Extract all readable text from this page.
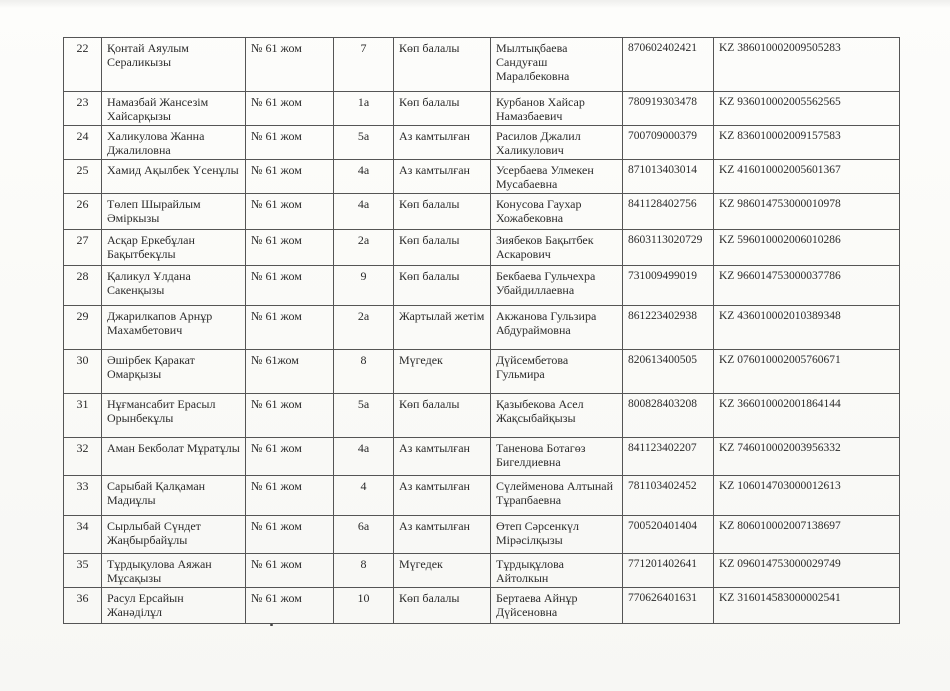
22	Қонтай Аяулым Сераликызы	№ 61 жом	7	Көп балалы	Мылтықбаева Сандуғаш Маралбековна	870602402421	KZ 386010002009505283
23	Намазбай Жансезім Хайсарқызы	№ 61 жом	1а	Көп балалы	Курбанов Хайсар Намазбаевич	780919303478	KZ 936010002005562565
24	Халикулова Жанна Джалиловна	№ 61 жом	5а	Аз камтылған	Расилов Джалил Халикулович	700709000379	KZ 836010002009157583
25	Хамид Ақылбек Үсенұлы	№ 61 жом	4а	Аз камтылған	Усербаева Улмекен Мусабаевна	871013403014	KZ 416010002005601367
26	Төлеп Шырайлым Әміркызы	№ 61 жом	4а	Көп балалы	Конусова Гаухар Хожабековна	841128402756	KZ 986014753000010978
27	Асқар Еркебұлан Бақытбекұлы	№ 61 жом	2а	Көп балалы	Зиябеков Бақытбек Аскарович	8603113020729	KZ 596010002006010286
28	Қаликул Ұлдана Сакенқызы	№ 61 жом	9	Көп балалы	Бекбаева Гульчехра Убайдиллаевна	731009499019	KZ 966014753000037786
29	Джарилкапов Арнұр Махамбетович	№ 61 жом	2а	Жартылай жетім	Акжанова Гульзира Абдураймовна	861223402938	KZ 436010002010389348
30	Әшірбек Қаракат Омарқызы	№ 61жом	8	Мүгедек	Дүйсембетова Гульмира	820613400505	KZ 076010002005760671
31	Нұғмансабит Ерасыл Орынбекұлы	№ 61 жом	5а	Көп балалы	Қазыбекова Асел Жақсыбайқызы	800828403208	KZ 366010002001864144
32	Аман Бекболат Мұратұлы	№ 61 жом	4а	Аз камтылған	Таненова Ботагөз Бигелдиевна	841123402207	KZ 746010002003956332
33	Сарыбай Қалқаман Мадиұлы	№ 61 жом	4	Аз камтылған	Сүлейменова Алтынай Тұрапбаевна	781103402452	KZ 106014703000012613
34	Сырлыбай Сүндет Жаңбырбайұлы	№ 61 жом	6а	Аз камтылған	Өтеп Сәрсенкүл Мірәсілқызы	700520401404	KZ 806010002007138697
35	Тұрдықулова Аяжан Мұсақызы	№ 61 жом	8	Мүгедек	Тұрдықұлова Айтолкын	771201402641	KZ 096014753000029749
36	Расул Ерсайын Жанәділұл	№ 61 жом	10	Көп балалы	Бертаева Айнұр Дүйсеновна	770626401631	KZ 316014583000002541
